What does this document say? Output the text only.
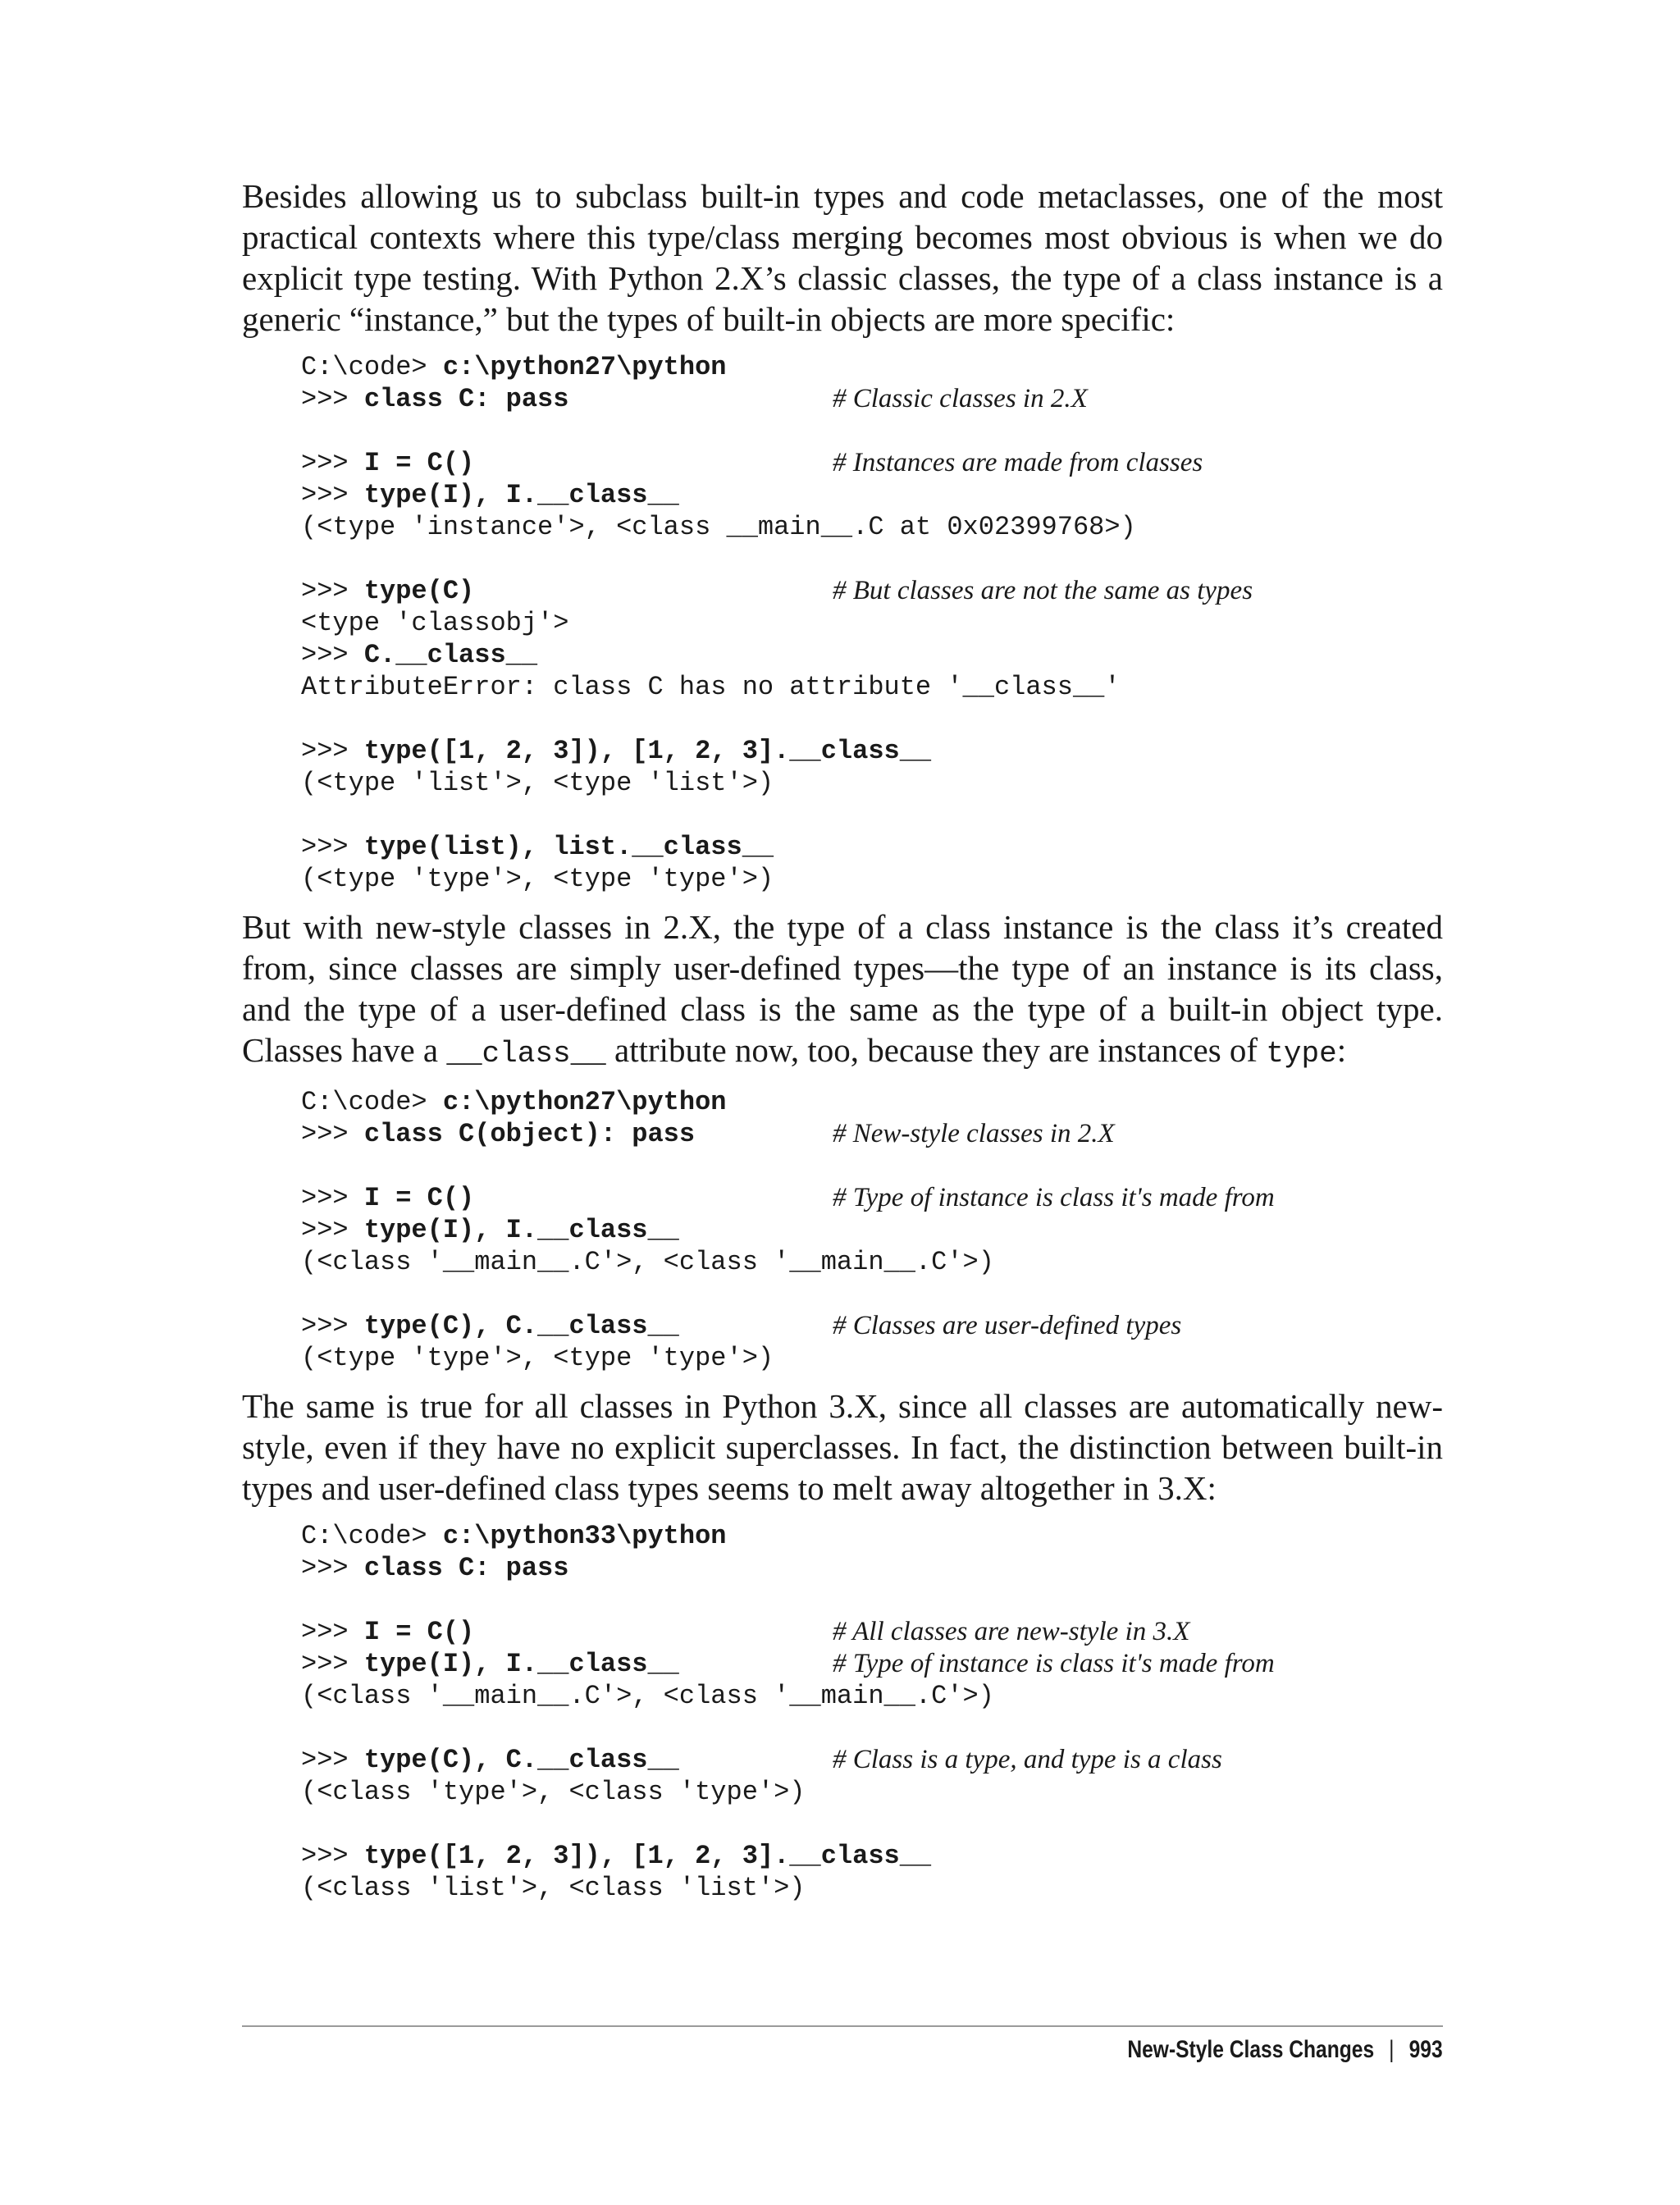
Besides allowing us to subclass built-in types and code metaclasses, one of the most practical contexts where this type/class merging becomes most obvious is when we do explicit type testing. With Python 2.X’s classic classes, the type of a class instance is a generic “instance,” but the types of built-in objects are more specific:

C:\code> c:\python27\python
>>> class C: pass	# Classic classes in 2.X
>>> I = C()	# Instances are made from classes
>>> type(I), I.__class__
(<type 'instance'>, <class __main__.C at 0x02399768>)
>>> type(C)	# But classes are not the same as types
<type 'classobj'>
>>> C.__class__
AttributeError: class C has no attribute '__class__'
>>> type([1, 2, 3]), [1, 2, 3].__class__
(<type 'list'>, <type 'list'>)
>>> type(list), list.__class__
(<type 'type'>, <type 'type'>)

But with new-style classes in 2.X, the type of a class instance is the class it’s created from, since classes are simply user-defined types—the type of an instance is its class, and the type of a user-defined class is the same as the type of a built-in object type. Classes have a __class__ attribute now, too, because they are instances of type:

C:\code> c:\python27\python
>>> class C(object): pass	# New-style classes in 2.X
>>> I = C()	# Type of instance is class it's made from
>>> type(I), I.__class__
(<class '__main__.C'>, <class '__main__.C'>)
>>> type(C), C.__class__	# Classes are user-defined types
(<type 'type'>, <type 'type'>)

The same is true for all classes in Python 3.X, since all classes are automatically new-style, even if they have no explicit superclasses. In fact, the distinction between built-in types and user-defined class types seems to melt away altogether in 3.X:

C:\code> c:\python33\python
>>> class C: pass
>>> I = C()	# All classes are new-style in 3.X
>>> type(I), I.__class__	# Type of instance is class it's made from
(<class '__main__.C'>, <class '__main__.C'>)
>>> type(C), C.__class__	# Class is a type, and type is a class
(<class 'type'>, <class 'type'>)
>>> type([1, 2, 3]), [1, 2, 3].__class__
(<class 'list'>, <class 'list'>)
New-Style Class Changes | 993
